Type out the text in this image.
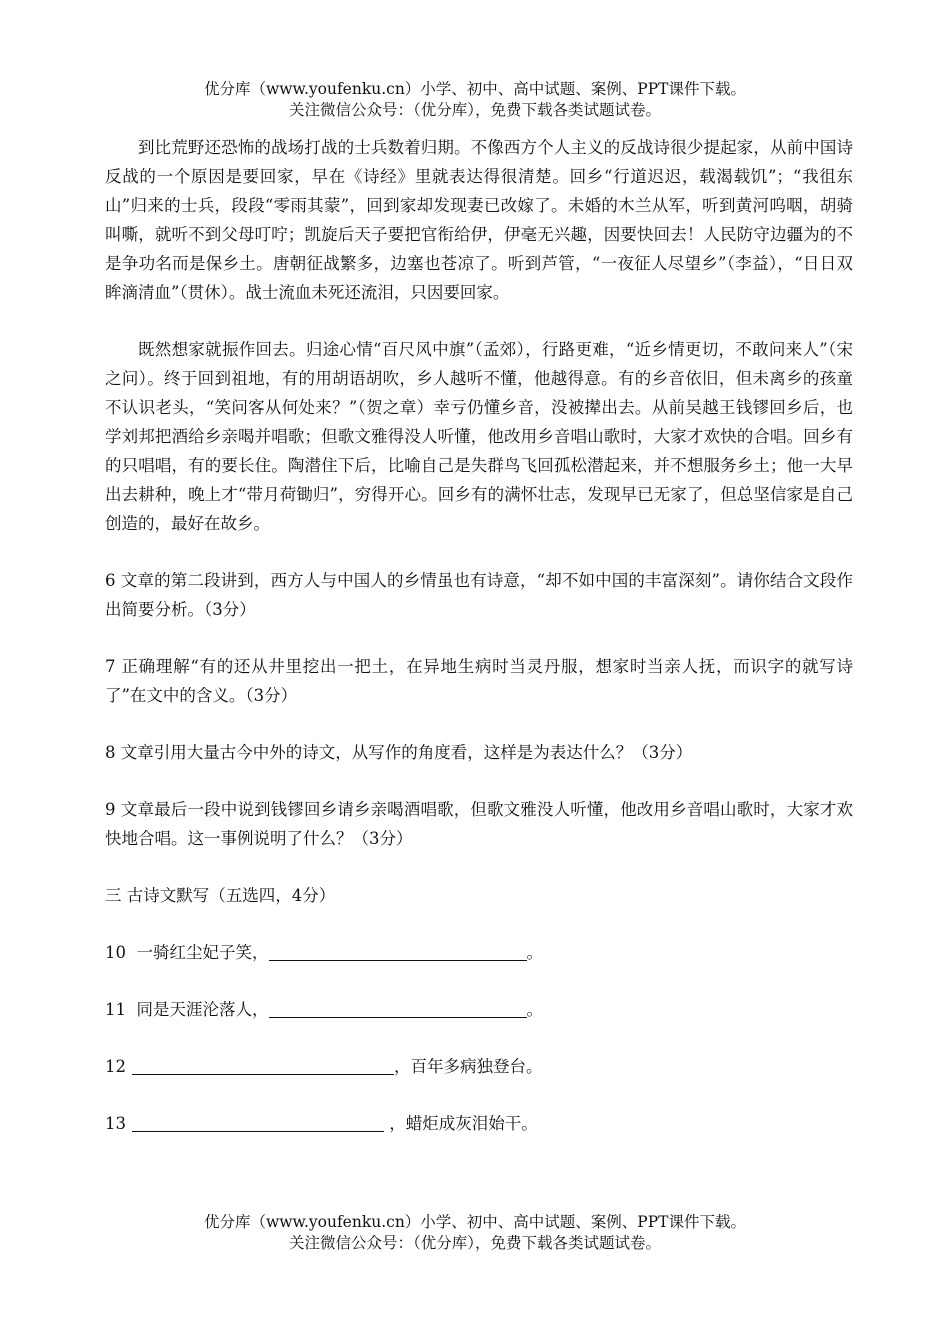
优分库（www.youfenku.cn）小学、初中、高中试题、案例、PPT课件下载。
关注微信公众号：（优分库），免费下载各类试题试卷。

到比荒野还恐怖的战场打战的士兵数着归期。不像西方个人主义的反战诗很少提起家，从前中国诗反战的一个原因是要回家，早在《诗经》里就表达得很清楚。回乡“行道迟迟，载渴载饥”；“我徂东山”归来的士兵，段段“零雨其蒙”，回到家却发现妻已改嫁了。未婚的木兰从军，听到黄河呜咽，胡骑叫嘶，就听不到父母叮咛；凯旋后天子要把官衔给伊，伊毫无兴趣，因要快回去！人民防守边疆为的不是争功名而是保乡土。唐朝征战繁多，边塞也苍凉了。听到芦管，“一夜征人尽望乡”（李益），“日日双眸滴清血”（贯休）。战士流血未死还流泪，只因要回家。

既然想家就振作回去。归途心情“百尺风中旗”（孟郊），行路更难，“近乡情更切，不敢问来人”（宋之问）。终于回到祖地，有的用胡语胡吹，乡人越听不懂，他越得意。有的乡音依旧，但未离乡的孩童不认识老头，“笑问客从何处来？”（贺之章）幸亏仍懂乡音，没被撵出去。从前吴越王钱镠回乡后，也学刘邦把酒给乡亲喝并唱歌；但歌文雅得没人听懂，他改用乡音唱山歌时，大家才欢快的合唱。回乡有的只唱唱，有的要长住。陶潜住下后，比喻自己是失群鸟飞回孤松潜起来，并不想服务乡土；他一大早出去耕种，晚上才“带月荷锄归”，穷得开心。回乡有的满怀壮志，发现早已无家了，但总坚信家是自己创造的，最好在故乡。

6 文章的第二段讲到，西方人与中国人的乡情虽也有诗意，“却不如中国的丰富深刻”。请你结合文段作出简要分析。（3分）

7 正确理解“有的还从井里挖出一把土，在异地生病时当灵丹服，想家时当亲人抚，而识字的就写诗了”在文中的含义。（3分）

8 文章引用大量古今中外的诗文，从写作的角度看，这样是为表达什么？（3分）

9 文章最后一段中说到钱镠回乡请乡亲喝酒唱歌，但歌文雅没人听懂，他改用乡音唱山歌时，大家才欢快地合唱。这一事例说明了什么？（3分）

三 古诗文默写（五选四，4分）

10 一骑红尘妃子笑，	。

11 同是天涯沦落人，	。

12	，百年多病独登台。

13	，蜡炬成灰泪始干。

优分库（www.youfenku.cn）小学、初中、高中试题、案例、PPT课件下载。
关注微信公众号：（优分库），免费下载各类试题试卷。
